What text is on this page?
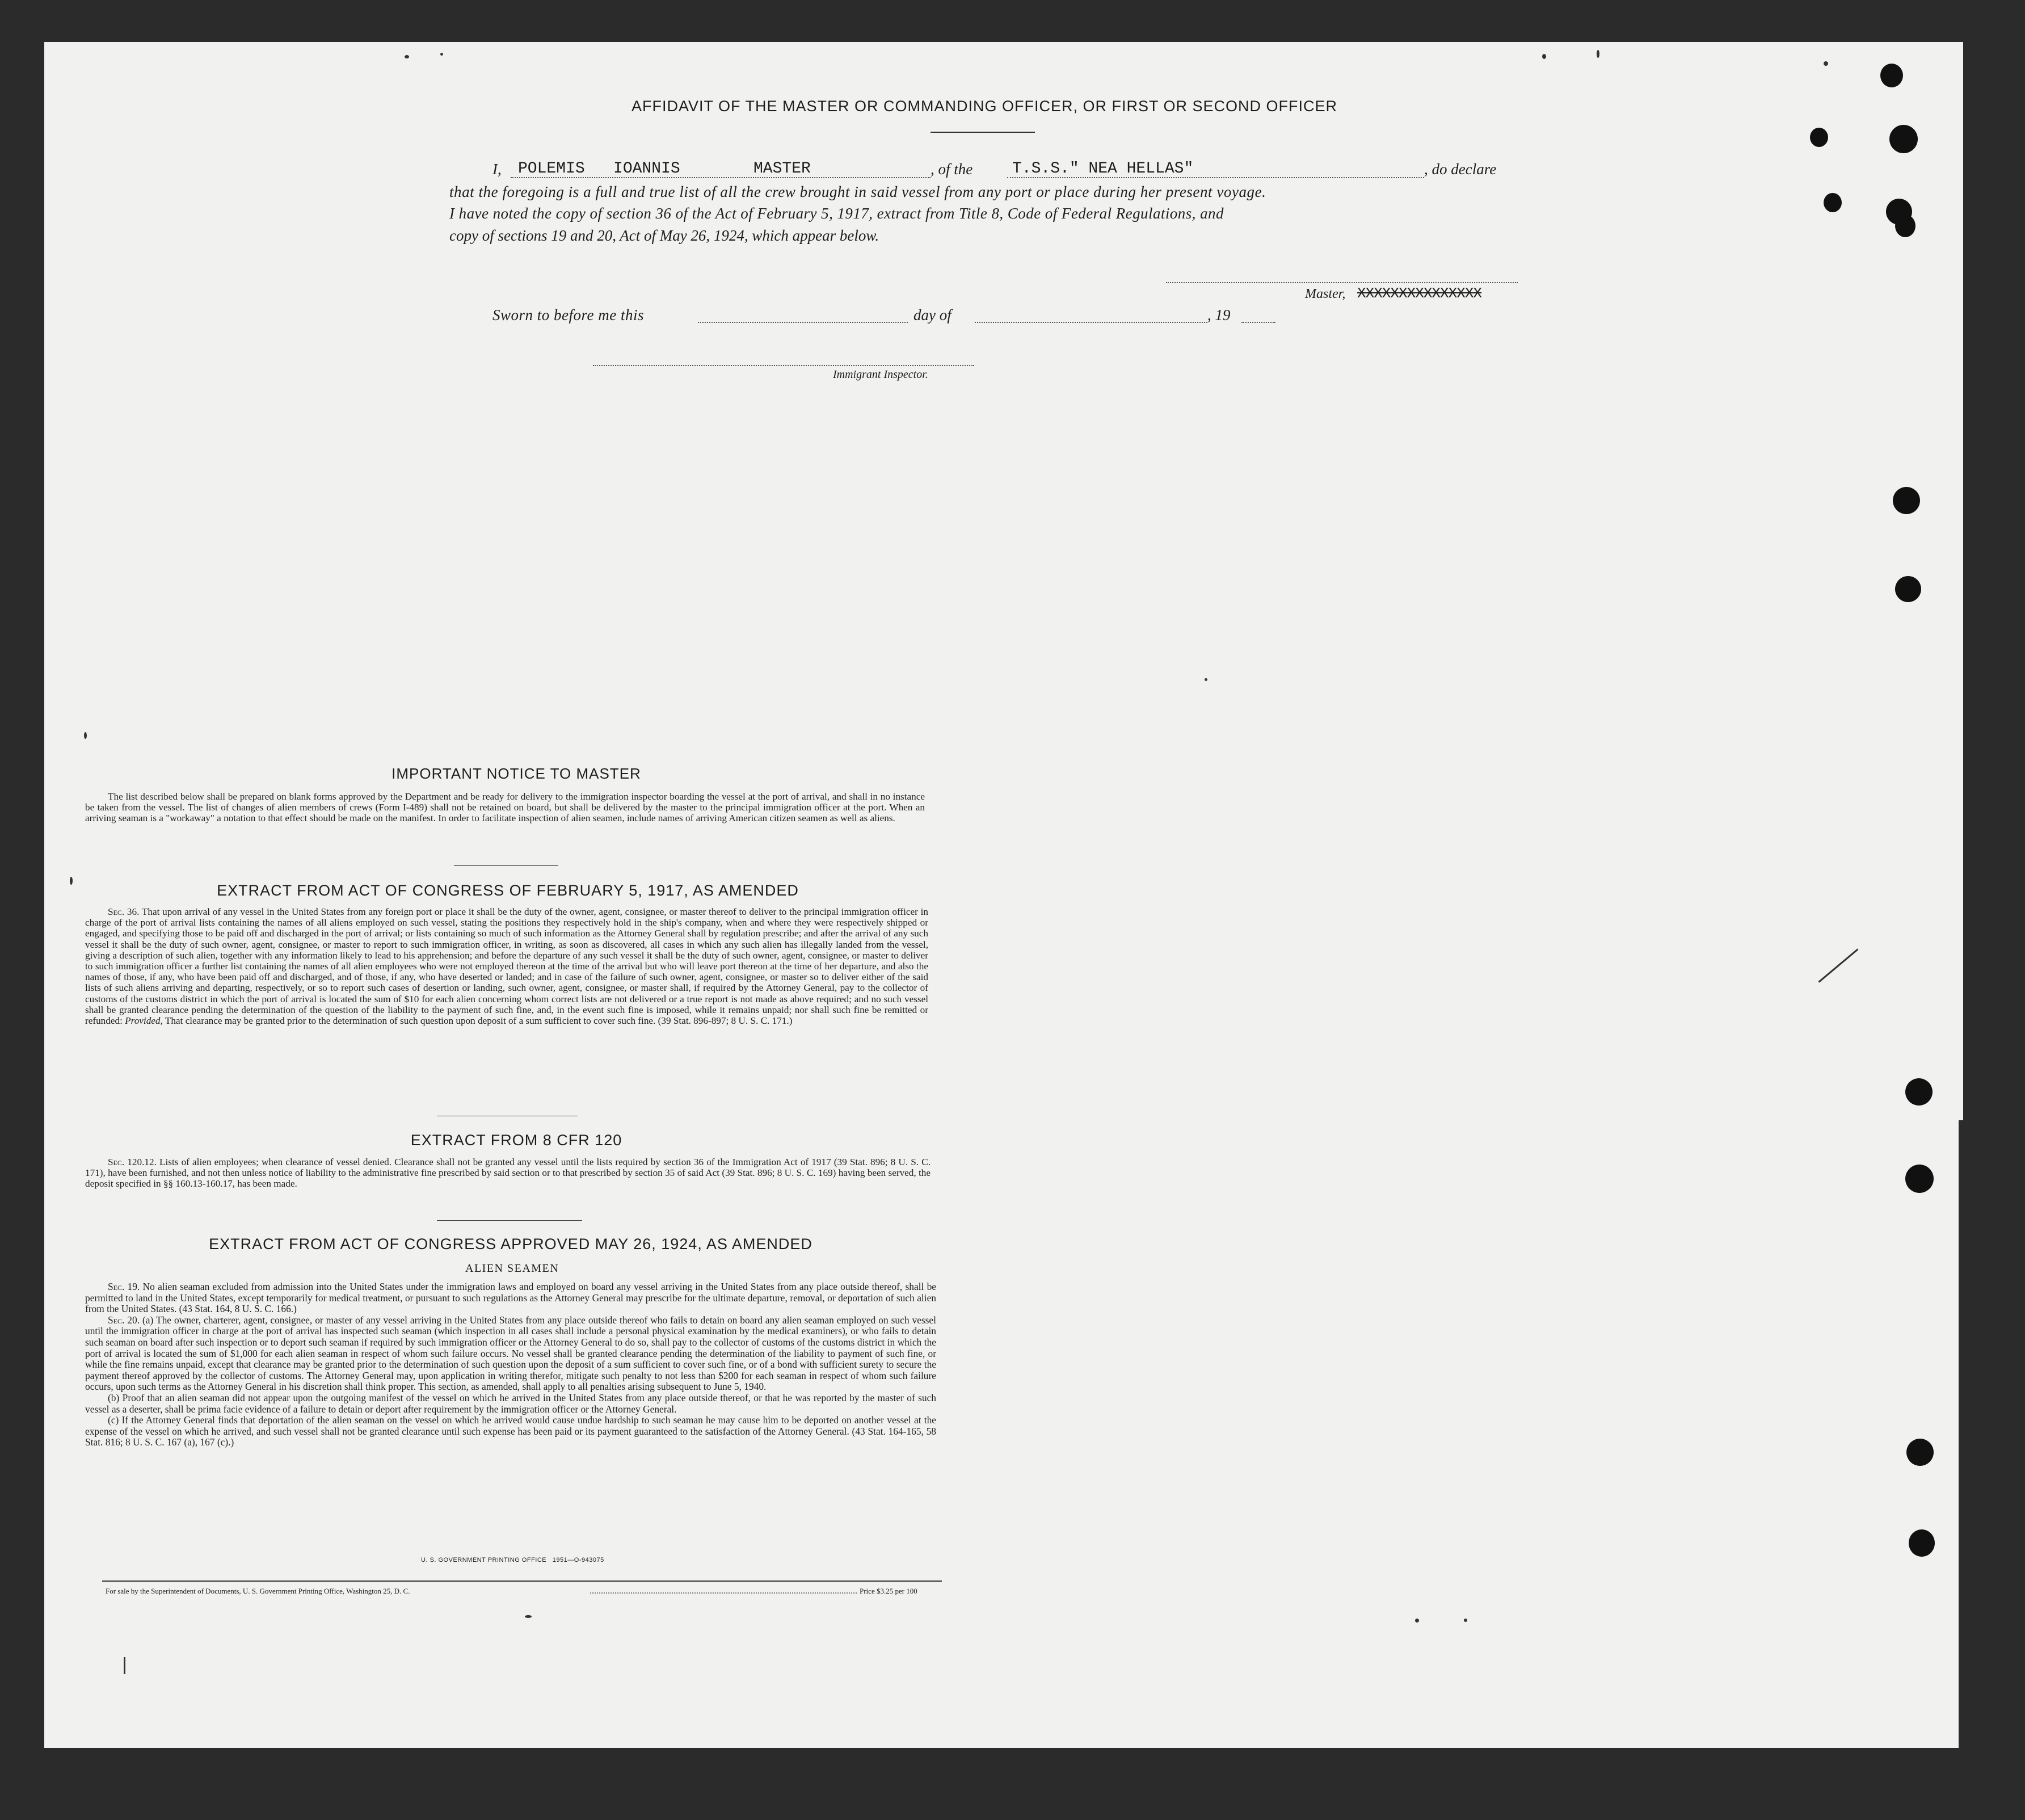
AFFIDAVIT OF THE MASTER OR COMMANDING OFFICER, OR FIRST OR SECOND OFFICER
I, POLEMIS   IOANNIS	MASTER	, of the T.S.S." NEA HELLAS"	, do declare
that the foregoing is a full and true list of all the crew brought in said vessel from any port or place during her present voyage.
I have noted the copy of section 36 of the Act of February 5, 1917, extract from Title 8, Code of Federal Regulations, and
copy of sections 19 and 20, Act of May 26, 1924, which appear below.
Master, XXXXXXXXXXXXXXX
Sworn to before me this	day of	, 19
Immigrant Inspector.
IMPORTANT NOTICE TO MASTER

The list described below shall be prepared on blank forms approved by the Department and be ready for delivery to the immigration inspector boarding the vessel at the port of arrival, and shall in no instance be taken from the vessel. The list of changes of alien members of crews (Form I-489) shall not be retained on board, but shall be delivered by the master to the principal immigration officer at the port. When an arriving seaman is a "workaway" a notation to that effect should be made on the manifest. In order to facilitate inspection of alien seamen, include names of arriving American citizen seamen as well as aliens.

EXTRACT FROM ACT OF CONGRESS OF FEBRUARY 5, 1917, AS AMENDED

Sec. 36. That upon arrival of any vessel in the United States from any foreign port or place it shall be the duty of the owner, agent, consignee, or master thereof to deliver to the principal immigration officer in charge of the port of arrival lists containing the names of all aliens employed on such vessel, stating the positions they respectively hold in the ship's company, when and where they were respectively shipped or engaged, and specifying those to be paid off and discharged in the port of arrival; or lists containing so much of such information as the Attorney General shall by regulation prescribe; and after the arrival of any such vessel it shall be the duty of such owner, agent, consignee, or master to report to such immigration officer, in writing, as soon as discovered, all cases in which any such alien has illegally landed from the vessel, giving a description of such alien, together with any information likely to lead to his apprehension; and before the departure of any such vessel it shall be the duty of such owner, agent, consignee, or master to deliver to such immigration officer a further list containing the names of all alien employees who were not employed thereon at the time of the arrival but who will leave port thereon at the time of her departure, and also the names of those, if any, who have been paid off and discharged, and of those, if any, who have deserted or landed; and in case of the failure of such owner, agent, consignee, or master so to deliver either of the said lists of such aliens arriving and departing, respectively, or so to report such cases of desertion or landing, such owner, agent, consignee, or master shall, if required by the Attorney General, pay to the collector of customs of the customs district in which the port of arrival is located the sum of $10 for each alien concerning whom correct lists are not delivered or a true report is not made as above required; and no such vessel shall be granted clearance pending the determination of the question of the liability to the payment of such fine, and, in the event such fine is imposed, while it remains unpaid; nor shall such fine be remitted or refunded: Provided, That clearance may be granted prior to the determination of such question upon deposit of a sum sufficient to cover such fine. (39 Stat. 896-897; 8 U. S. C. 171.)

EXTRACT FROM 8 CFR 120

Sec. 120.12. Lists of alien employees; when clearance of vessel denied. Clearance shall not be granted any vessel until the lists required by section 36 of the Immigration Act of 1917 (39 Stat. 896; 8 U. S. C. 171), have been furnished, and not then unless notice of liability to the administrative fine prescribed by said section or to that prescribed by section 35 of said Act (39 Stat. 896; 8 U. S. C. 169) having been served, the deposit specified in §§ 160.13-160.17, has been made.

EXTRACT FROM ACT OF CONGRESS APPROVED MAY 26, 1924, AS AMENDED
ALIEN SEAMEN

Sec. 19. No alien seaman excluded from admission into the United States under the immigration laws and employed on board any vessel arriving in the United States from any place outside thereof, shall be permitted to land in the United States, except temporarily for medical treatment, or pursuant to such regulations as the Attorney General may prescribe for the ultimate departure, removal, or deportation of such alien from the United States. (43 Stat. 164, 8 U. S. C. 166.)

Sec. 20. (a) The owner, charterer, agent, consignee, or master of any vessel arriving in the United States from any place outside thereof who fails to detain on board any alien seaman employed on such vessel until the immigration officer in charge at the port of arrival has inspected such seaman (which inspection in all cases shall include a personal physical examination by the medical examiners), or who fails to detain such seaman on board after such inspection or to deport such seaman if required by such immigration officer or the Attorney General to do so, shall pay to the collector of customs of the customs district in which the port of arrival is located the sum of $1,000 for each alien seaman in respect of whom such failure occurs. No vessel shall be granted clearance pending the determination of the liability to payment of such fine, or while the fine remains unpaid, except that clearance may be granted prior to the determination of such question upon the deposit of a sum sufficient to cover such fine, or of a bond with sufficient surety to secure the payment thereof approved by the collector of customs. The Attorney General may, upon application in writing therefor, mitigate such penalty to not less than $200 for each seaman in respect of whom such failure occurs, upon such terms as the Attorney General in his discretion shall think proper. This section, as amended, shall apply to all penalties arising subsequent to June 5, 1940.

(b) Proof that an alien seaman did not appear upon the outgoing manifest of the vessel on which he arrived in the United States from any place outside thereof, or that he was reported by the master of such vessel as a deserter, shall be prima facie evidence of a failure to detain or deport after requirement by the immigration officer or the Attorney General.

(c) If the Attorney General finds that deportation of the alien seaman on the vessel on which he arrived would cause undue hardship to such seaman he may cause him to be deported on another vessel at the expense of the vessel on which he arrived, and such vessel shall not be granted clearance until such expense has been paid or its payment guaranteed to the satisfaction of the Attorney General. (43 Stat. 164-165, 58 Stat. 816; 8 U. S. C. 167 (a), 167 (c).)

U. S. GOVERNMENT PRINTING OFFICE   1951—O-943075
For sale by the Superintendent of Documents, U. S. Government Printing Office, Washington 25, D. C.	Price $3.25 per 100
